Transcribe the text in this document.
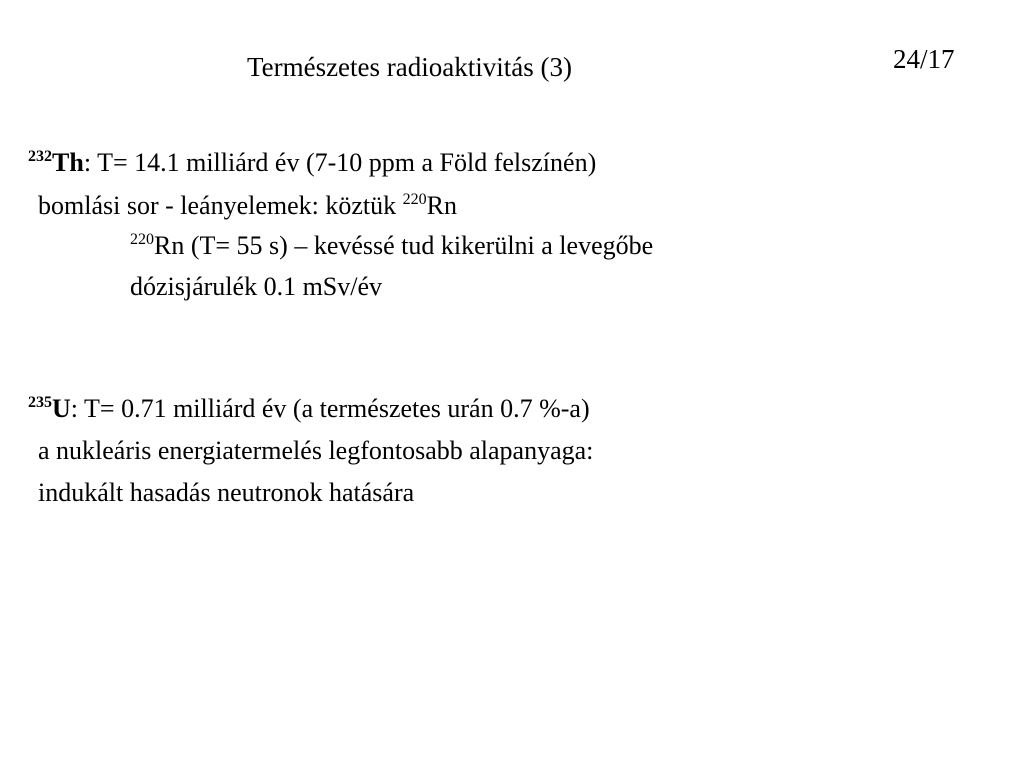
Természetes radioaktivitás (3)	24/17
$^{232}$Th: T= 14.1 milliárd év (7-10 ppm a Föld felszínén)
bomlási sor - leányelemek: köztük $^{220}$Rn
$^{220}$Rn (T= 55 s) – kevéssé tud kikerülni a levegőbe
dózisjárulék 0.1 mSv/év
$^{235}$U: T= 0.71 milliárd év (a természetes urán 0.7 %-a)
a nukleáris energiatermelés legfontosabb alapanyaga:
indukált hasadás neutronok hatására
